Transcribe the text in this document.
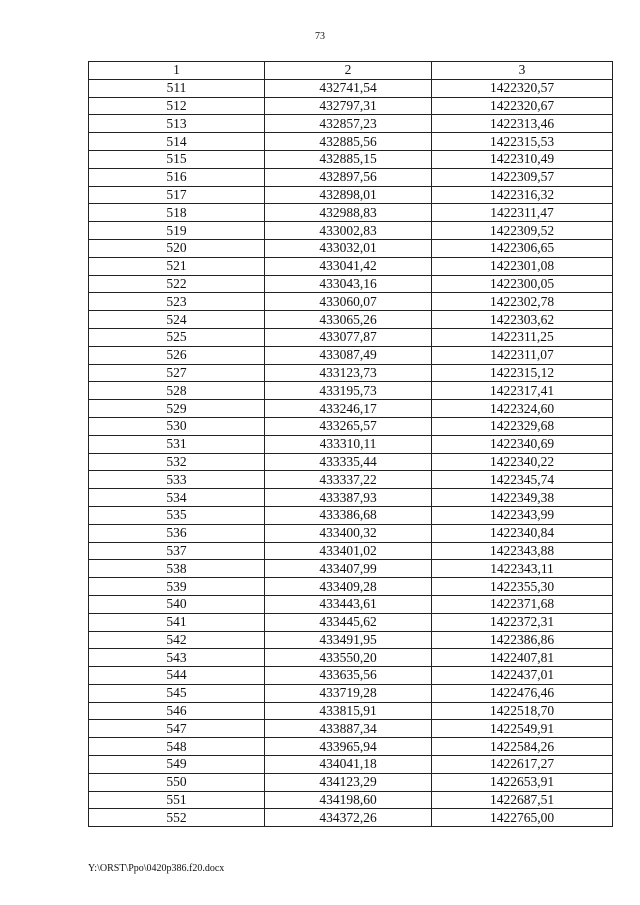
73
1	2	3
511	432741,54	1422320,57
512	432797,31	1422320,67
513	432857,23	1422313,46
514	432885,56	1422315,53
515	432885,15	1422310,49
516	432897,56	1422309,57
517	432898,01	1422316,32
518	432988,83	1422311,47
519	433002,83	1422309,52
520	433032,01	1422306,65
521	433041,42	1422301,08
522	433043,16	1422300,05
523	433060,07	1422302,78
524	433065,26	1422303,62
525	433077,87	1422311,25
526	433087,49	1422311,07
527	433123,73	1422315,12
528	433195,73	1422317,41
529	433246,17	1422324,60
530	433265,57	1422329,68
531	433310,11	1422340,69
532	433335,44	1422340,22
533	433337,22	1422345,74
534	433387,93	1422349,38
535	433386,68	1422343,99
536	433400,32	1422340,84
537	433401,02	1422343,88
538	433407,99	1422343,11
539	433409,28	1422355,30
540	433443,61	1422371,68
541	433445,62	1422372,31
542	433491,95	1422386,86
543	433550,20	1422407,81
544	433635,56	1422437,01
545	433719,28	1422476,46
546	433815,91	1422518,70
547	433887,34	1422549,91
548	433965,94	1422584,26
549	434041,18	1422617,27
550	434123,29	1422653,91
551	434198,60	1422687,51
552	434372,26	1422765,00
Y:\ORST\Ppo\0420p386.f20.docx
